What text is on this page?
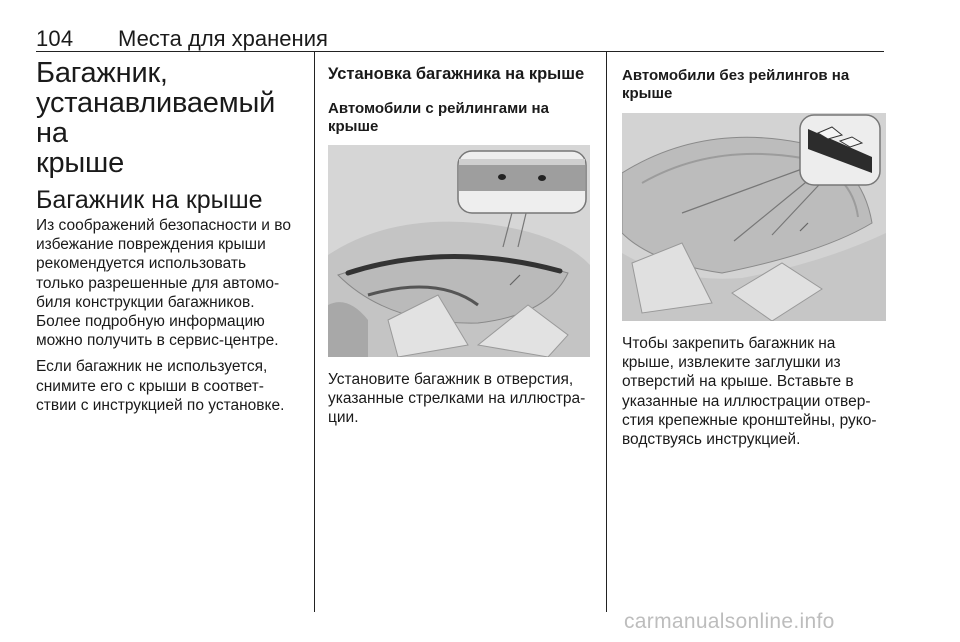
104 Места для хранения
Багажник,
устанавливаемый на
крыше
Багажник на крыше

Из соображений безопасности и во
избежание повреждения крыши
рекомендуется использовать
только разрешенные для автомо-
биля конструкции багажников.
Более подробную информацию
можно получить в сервис-центре.

Если багажник не используется,
снимите его с крыши в соответ-
ствии с инструкцией по установке.

Установка багажника на крыше
Автомобили с рейлингами на
крыше

Установите багажник в отверстия,
указанные стрелками на иллюстра-
ции.

Автомобили без рейлингов на
крыше

Чтобы закрепить багажник на
крыше, извлеките заглушки из
отверстий на крыше. Вставьте в
указанные на иллюстрации отвер-
стия крепежные кронштейны, руко-
водствуясь инструкцией.

carmanualsonline.info
